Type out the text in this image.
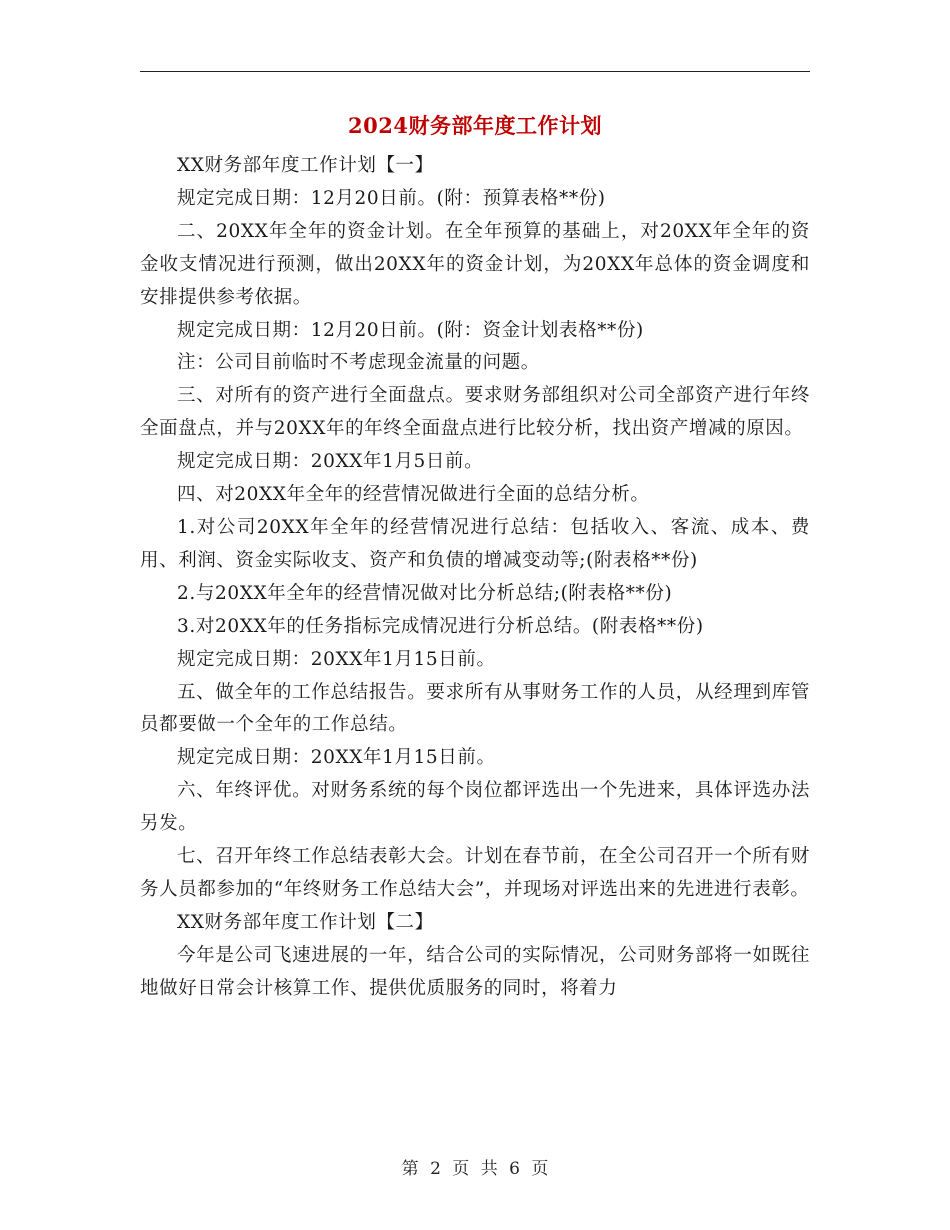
2024财务部年度工作计划

XX财务部年度工作计划【一】

规定完成日期：12月20日前。(附：预算表格**份)

二、20XX年全年的资金计划。在全年预算的基础上，对20XX年全年的资金收支情况进行预测，做出20XX年的资金计划，为20XX年总体的资金调度和安排提供参考依据。

规定完成日期：12月20日前。(附：资金计划表格**份)

注：公司目前临时不考虑现金流量的问题。

三、对所有的资产进行全面盘点。要求财务部组织对公司全部资产进行年终全面盘点，并与20XX年的年终全面盘点进行比较分析，找出资产增减的原因。

规定完成日期：20XX年1月5日前。

四、对20XX年全年的经营情况做进行全面的总结分析。

1.对公司20XX年全年的经营情况进行总结：包括收入、客流、成本、费用、利润、资金实际收支、资产和负债的增减变动等;(附表格**份)

2.与20XX年全年的经营情况做对比分析总结;(附表格**份)

3.对20XX年的任务指标完成情况进行分析总结。(附表格**份)

规定完成日期：20XX年1月15日前。

五、做全年的工作总结报告。要求所有从事财务工作的人员，从经理到库管员都要做一个全年的工作总结。

规定完成日期：20XX年1月15日前。

六、年终评优。对财务系统的每个岗位都评选出一个先进来，具体评选办法另发。

七、召开年终工作总结表彰大会。计划在春节前，在全公司召开一个所有财务人员都参加的“年终财务工作总结大会”，并现场对评选出来的先进进行表彰。

XX财务部年度工作计划【二】

今年是公司飞速进展的一年，结合公司的实际情况，公司财务部将一如既往地做好日常会计核算工作、提供优质服务的同时，将着力

第 2 页 共 6 页
